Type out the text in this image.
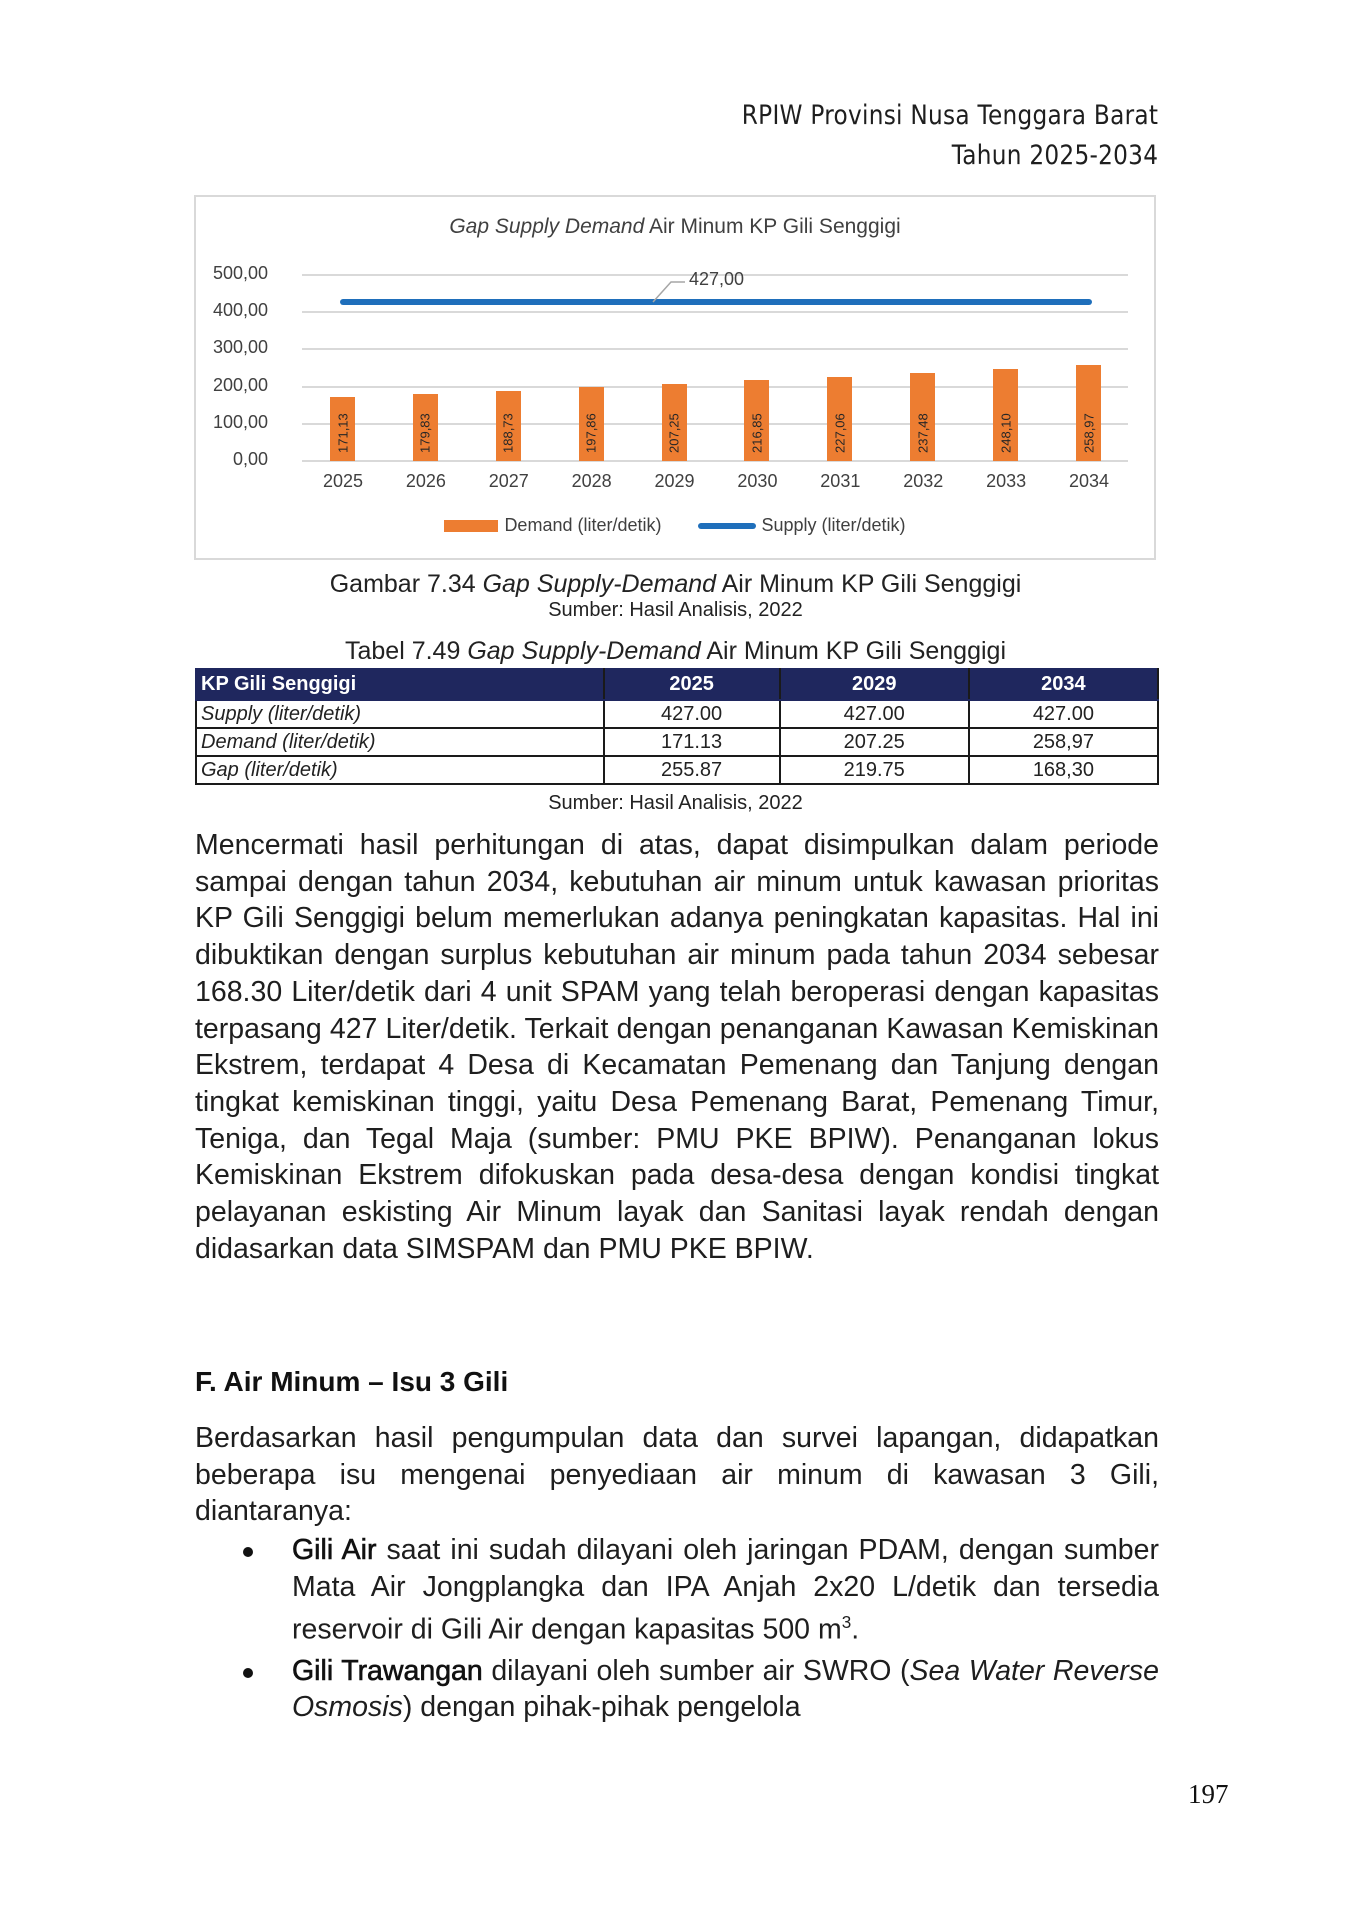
RPIW Provinsi Nusa Tenggara Barat
Tahun 2025-2034
Gap Supply Demand Air Minum KP Gili Senggigi
500,00
400,00
300,00
200,00
100,00
0,00
171,13
2025
179,83
2026
188,73
2027
197,86
2028
207,25
2029
216,85
2030
227,06
2031
237,48
2032
248,10
2033
258,97
2034
427,00
Demand (liter/detik)	Supply (liter/detik)
Gambar 7.34 Gap Supply-Demand Air Minum KP Gili Senggigi
Sumber: Hasil Analisis, 2022
Tabel 7.49 Gap Supply-Demand Air Minum KP Gili Senggigi
KP Gili Senggigi	2025	2029	2034
Supply (liter/detik)	427.00	427.00	427.00
Demand (liter/detik)	171.13	207.25	258,97
Gap (liter/detik)	255.87	219.75	168,30
Sumber: Hasil Analisis, 2022
Mencermati hasil perhitungan di atas, dapat disimpulkan dalam periode sampai dengan tahun 2034, kebutuhan air minum untuk kawasan prioritas KP Gili Senggigi belum memerlukan adanya peningkatan kapasitas. Hal ini dibuktikan dengan surplus kebutuhan air minum pada tahun 2034 sebesar 168.30 Liter/detik dari 4 unit SPAM yang telah beroperasi dengan kapasitas terpasang 427 Liter/detik. Terkait dengan penanganan Kawasan Kemiskinan Ekstrem, terdapat 4 Desa di Kecamatan Pemenang dan Tanjung dengan tingkat kemiskinan tinggi, yaitu Desa Pemenang Barat, Pemenang Timur, Teniga, dan Tegal Maja (sumber: PMU PKE BPIW). Penanganan lokus Kemiskinan Ekstrem difokuskan pada desa-desa dengan kondisi tingkat pelayanan eskisting Air Minum layak dan Sanitasi layak rendah dengan didasarkan data SIMSPAM dan PMU PKE BPIW.
F. Air Minum – Isu 3 Gili
Berdasarkan hasil pengumpulan data dan survei lapangan, didapatkan beberapa isu mengenai penyediaan air minum di kawasan 3 Gili, diantaranya:
Gili Air saat ini sudah dilayani oleh jaringan PDAM, dengan sumber Mata Air Jongplangka dan IPA Anjah 2x20 L/detik dan tersedia reservoir di Gili Air dengan kapasitas 500 $m^3$.
Gili Trawangan dilayani oleh sumber air SWRO (Sea Water Reverse Osmosis) dengan pihak-pihak pengelola
197
